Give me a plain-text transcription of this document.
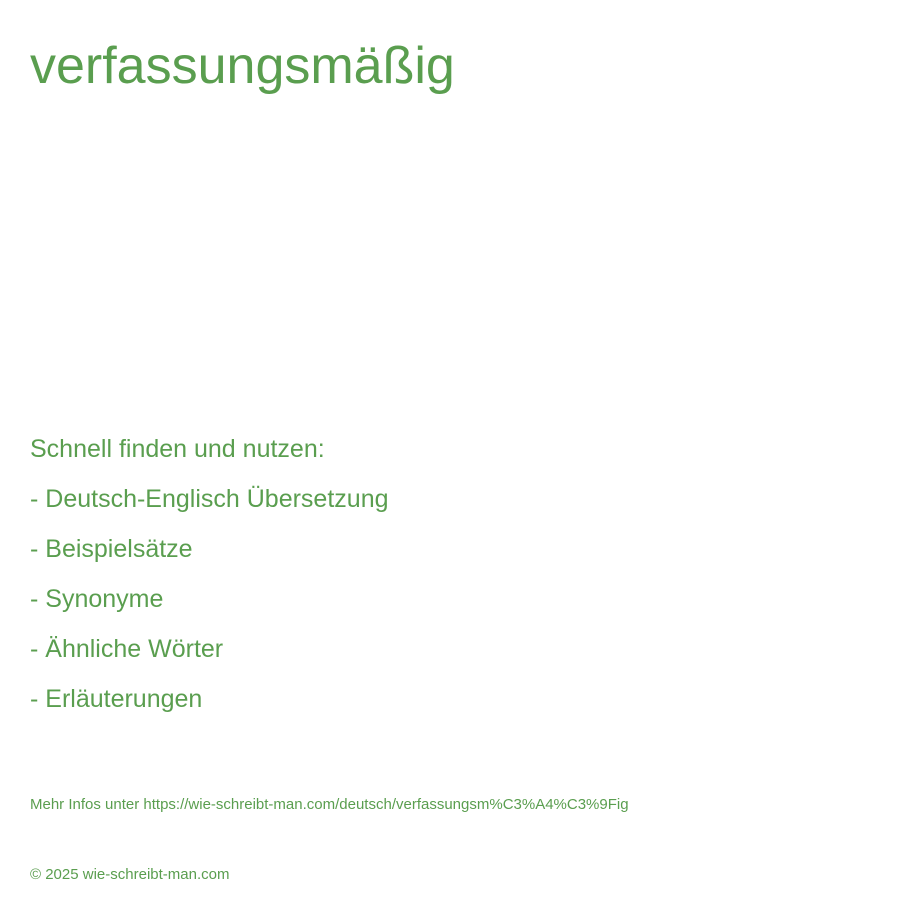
verfassungsmäßig
Schnell finden und nutzen:
- Deutsch-Englisch Übersetzung
- Beispielsätze
- Synonyme
- Ähnliche Wörter
- Erläuterungen
Mehr Infos unter https://wie-schreibt-man.com/deutsch/verfassungsm%C3%A4%C3%9Fig
© 2025 wie-schreibt-man.com
